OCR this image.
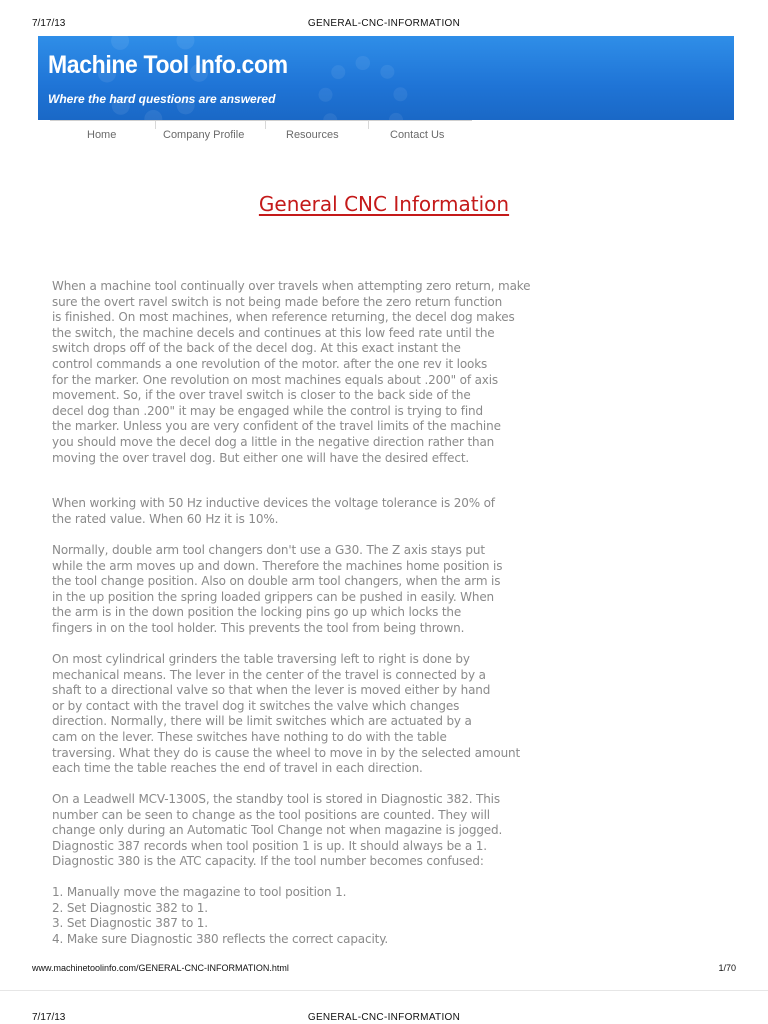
7/17/13	GENERAL-CNC-INFORMATION
Machine Tool Info.com
Where the hard questions are answered
Home	Company Profile	Resources	Contact Us
General CNC Information
When a machine tool continually over travels when attempting zero return, make
sure the overt ravel switch is not being made before the zero return function
is finished. On most machines, when reference returning, the decel dog makes
the switch, the machine decels and continues at this low feed rate until the
switch drops off of the back of the decel dog. At this exact instant the
control commands a one revolution of the motor. after the one rev it looks
for the marker. One revolution on most machines equals about .200" of axis
movement. So, if the over travel switch is closer to the back side of the
decel dog than .200" it may be engaged while the control is trying to find
the marker. Unless you are very confident of the travel limits of the machine
you should move the decel dog a little in the negative direction rather than
moving the over travel dog. But either one will have the desired effect.
When working with 50 Hz inductive devices the voltage tolerance is 20% of
the rated value. When 60 Hz it is 10%.
Normally, double arm tool changers don't use a G30. The Z axis stays put
while the arm moves up and down. Therefore the machines home position is
the tool change position. Also on double arm tool changers, when the arm is
in the up position the spring loaded grippers can be pushed in easily. When
the arm is in the down position the locking pins go up which locks the
fingers in on the tool holder. This prevents the tool from being thrown.
On most cylindrical grinders the table traversing left to right is done by
mechanical means. The lever in the center of the travel is connected by a
shaft to a directional valve so that when the lever is moved either by hand
or by contact with the travel dog it switches the valve which changes
direction. Normally, there will be limit switches which are actuated by a
cam on the lever. These switches have nothing to do with the table
traversing. What they do is cause the wheel to move in by the selected amount
each time the table reaches the end of travel in each direction.
On a Leadwell MCV-1300S, the standby tool is stored in Diagnostic 382. This
number can be seen to change as the tool positions are counted. They will
change only during an Automatic Tool Change not when magazine is jogged.
Diagnostic 387 records when tool position 1 is up. It should always be a 1.
Diagnostic 380 is the ATC capacity. If the tool number becomes confused:
1. Manually move the magazine to tool position 1.
2. Set Diagnostic 382 to 1.
3. Set Diagnostic 387 to 1.
4. Make sure Diagnostic 380 reflects the correct capacity.
www.machinetoolinfo.com/GENERAL-CNC-INFORMATION.html	1/70
7/17/13	GENERAL-CNC-INFORMATION
